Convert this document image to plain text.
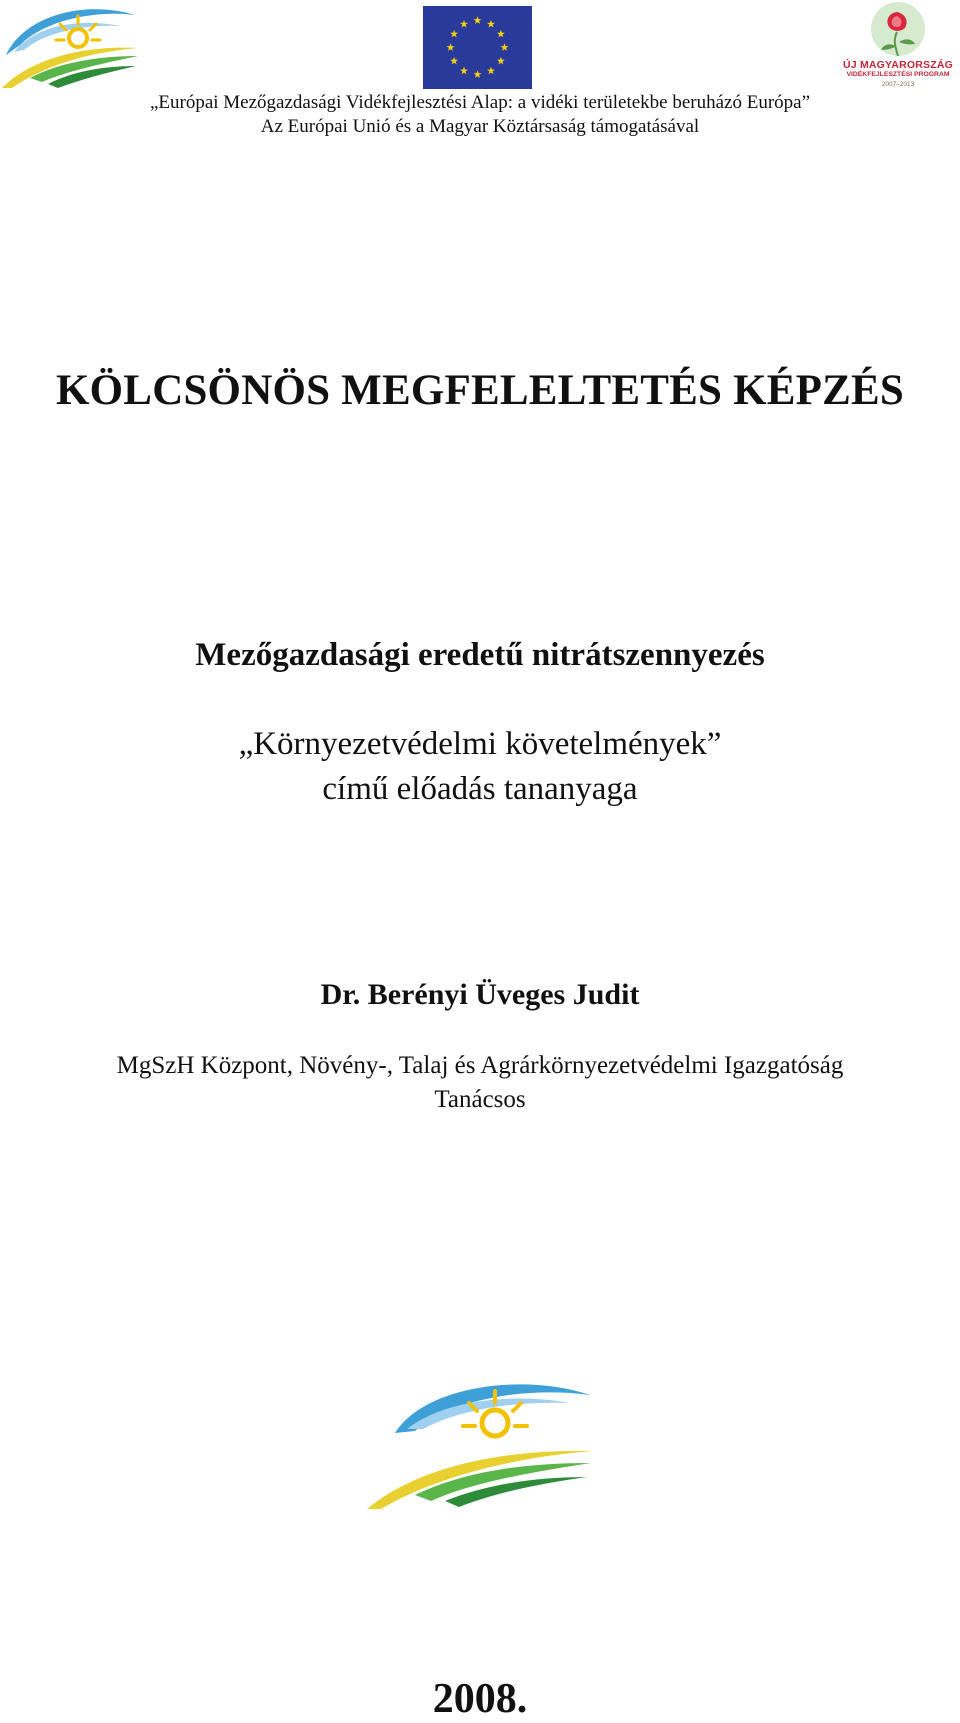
ÚJ MAGYARORSZÁG
VIDÉKFEJLESZTÉSI PROGRAM
2007–2013
„Európai Mezőgazdasági Vidékfejlesztési Alap: a vidéki területekbe beruházó Európa”
Az Európai Unió és a Magyar Köztársaság támogatásával
KÖLCSÖNÖS MEGFELELTETÉS KÉPZÉS
Mezőgazdasági eredetű nitrátszennyezés
„Környezetvédelmi követelmények”
című előadás tananyaga
Dr. Berényi Üveges Judit
MgSzH Központ, Növény-, Talaj és Agrárkörnyezetvédelmi Igazgatóság
Tanácsos
2008.
